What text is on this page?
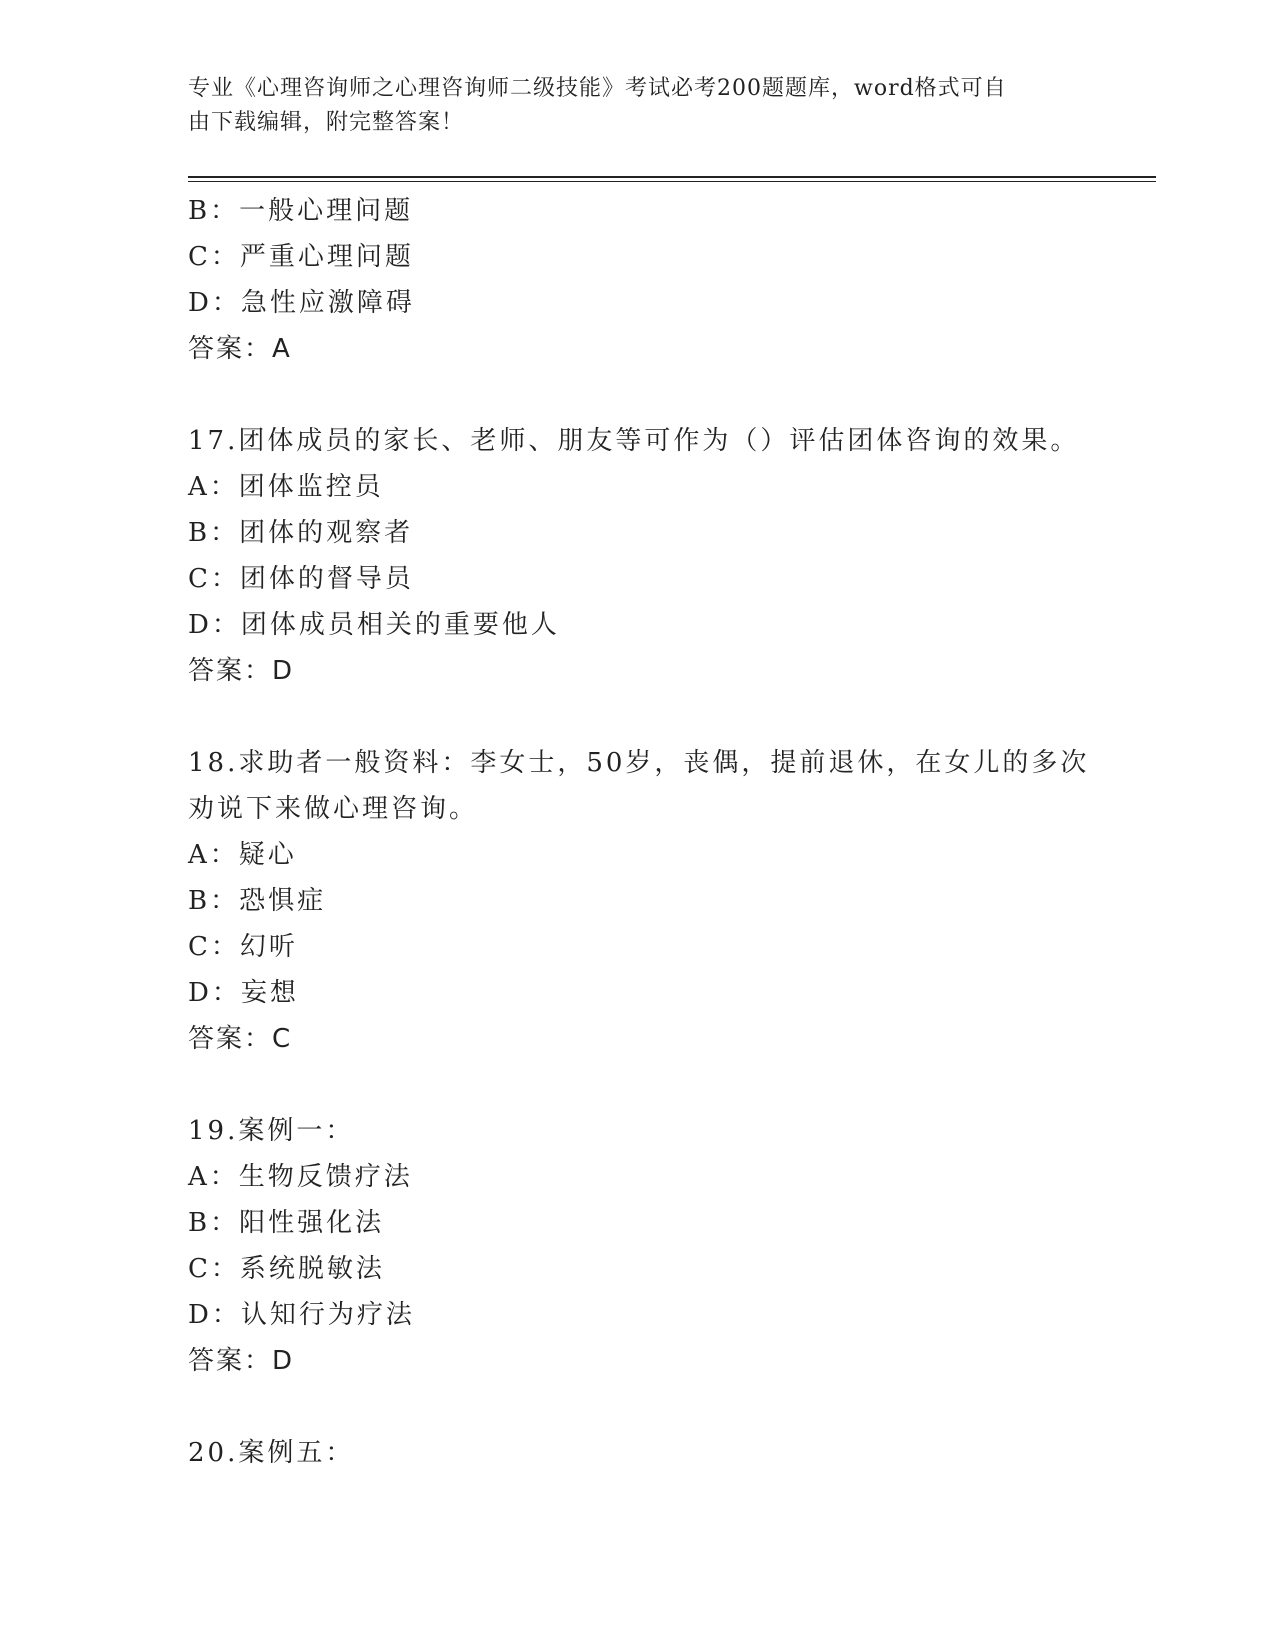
专业《心理咨询师之心理咨询师二级技能》考试必考200题题库，word格式可自
由下载编辑，附完整答案！
B：一般心理问题
C：严重心理问题
D：急性应激障碍
答案：A
17.团体成员的家长、老师、朋友等可作为（）评估团体咨询的效果。
A：团体监控员
B：团体的观察者
C：团体的督导员
D：团体成员相关的重要他人
答案：D
18.求助者一般资料：李女士，50岁，丧偶，提前退休，在女儿的多次
劝说下来做心理咨询。
A：疑心
B：恐惧症
C：幻听
D：妄想
答案：C
19.案例一：
A：生物反馈疗法
B：阳性强化法
C：系统脱敏法
D：认知行为疗法
答案：D
20.案例五：
